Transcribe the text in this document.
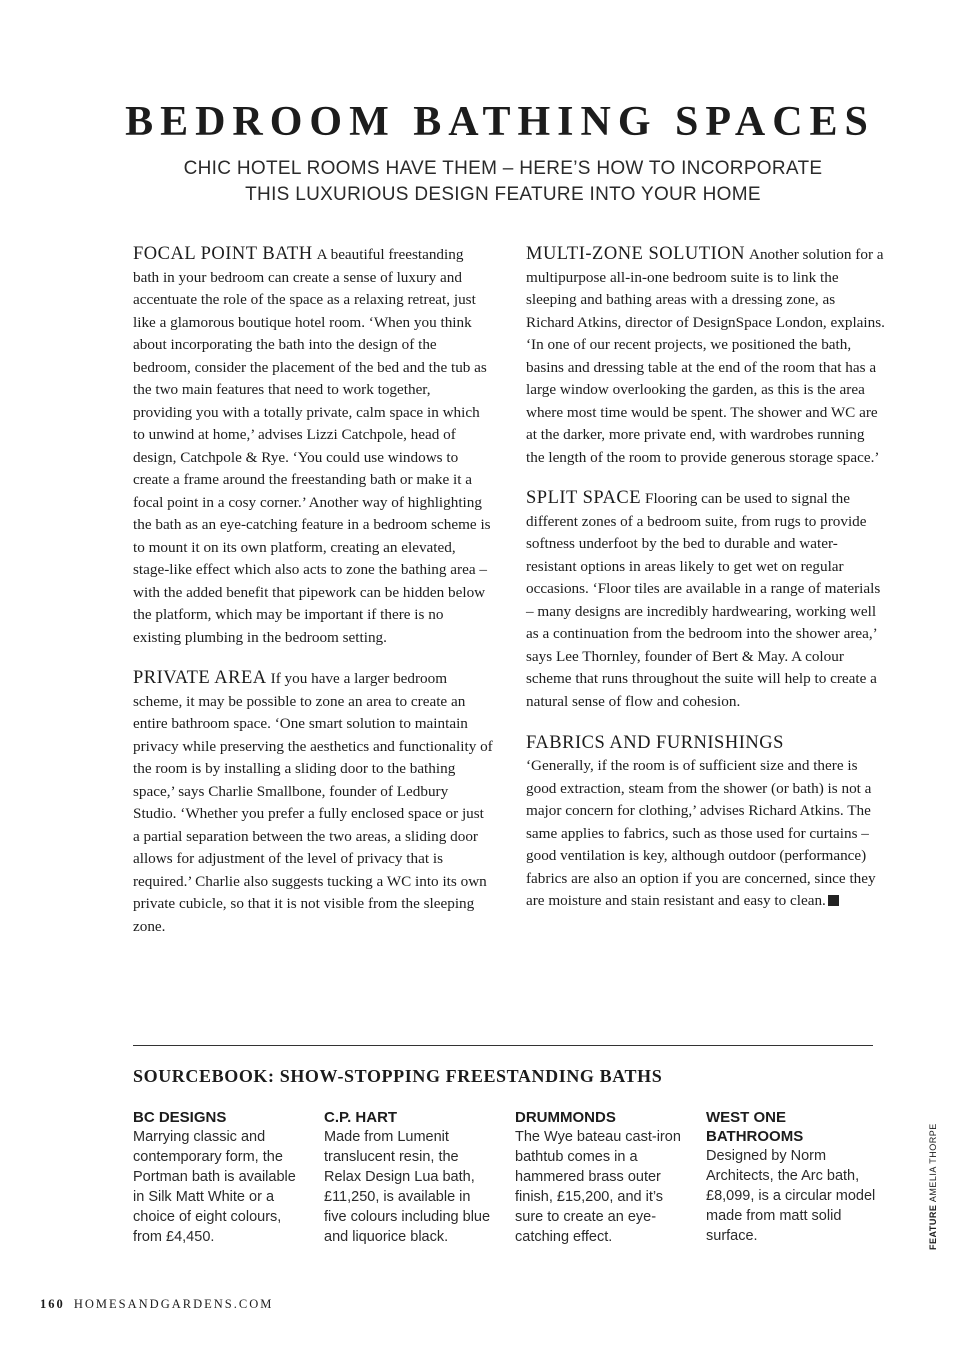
BEDROOM BATHING SPACES
CHIC HOTEL ROOMS HAVE THEM – HERE’S HOW TO INCORPORATE
THIS LUXURIOUS DESIGN FEATURE INTO YOUR HOME

FOCAL POINT BATH A beautiful freestanding bath in your bedroom can create a sense of luxury and accentuate the role of the space as a relaxing retreat, just like a glamorous boutique hotel room. ‘When you think about incorporating the bath into the design of the bedroom, consider the placement of the bed and the tub as the two main features that need to work together, providing you with a totally private, calm space in which to unwind at home,’ advises Lizzi Catchpole, head of design, Catchpole & Rye. ‘You could use windows to create a frame around the freestanding bath or make it a focal point in a cosy corner.’ Another way of highlighting the bath as an eye-catching feature in a bedroom scheme is to mount it on its own platform, creating an elevated, stage-like effect which also acts to zone the bathing area – with the added benefit that pipework can be hidden below the platform, which may be important if there is no existing plumbing in the bedroom setting.

PRIVATE AREA If you have a larger bedroom scheme, it may be possible to zone an area to create an entire bathroom space. ‘One smart solution to maintain privacy while preserving the aesthetics and functionality of the room is by installing a sliding door to the bathing space,’ says Charlie Smallbone, founder of Ledbury Studio. ‘Whether you prefer a fully enclosed space or just a partial separation between the two areas, a sliding door allows for adjustment of the level of privacy that is required.’ Charlie also suggests tucking a WC into its own private cubicle, so that it is not visible from the sleeping zone.

MULTI-ZONE SOLUTION Another solution for a multipurpose all-in-one bedroom suite is to link the sleeping and bathing areas with a dressing zone, as Richard Atkins, director of DesignSpace London, explains. ‘In one of our recent projects, we positioned the bath, basins and dressing table at the end of the room that has a large window overlooking the garden, as this is the area where most time would be spent. The shower and WC are at the darker, more private end, with wardrobes running the length of the room to provide generous storage space.’

SPLIT SPACE Flooring can be used to signal the different zones of a bedroom suite, from rugs to provide softness underfoot by the bed to durable and water-resistant options in areas likely to get wet on regular occasions. ‘Floor tiles are available in a range of materials – many designs are incredibly hardwearing, working well as a continuation from the bedroom into the shower area,’ says Lee Thornley, founder of Bert & May. A colour scheme that runs throughout the suite will help to create a natural sense of flow and cohesion.

FABRICS AND FURNISHINGS

‘Generally, if the room is of sufficient size and there is good extraction, steam from the shower (or bath) is not a major concern for clothing,’ advises Richard Atkins. The same applies to fabrics, such as those used for curtains – good ventilation is key, although outdoor (performance) fabrics are also an option if you are concerned, since they are moisture and stain resistant and easy to clean.

SOURCEBOOK: SHOW-STOPPING FREESTANDING BATHS
BC DESIGNS

Marrying classic and contemporary form, the Portman bath is available in Silk Matt White or a choice of eight colours, from £4,450.

C.P. HART

Made from Lumenit translucent resin, the Relax Design Lua bath, £11,250, is available in five colours including blue and liquorice black.

DRUMMONDS

The Wye bateau cast-iron bathtub comes in a hammered brass outer finish, £15,200, and it’s sure to create an eye-catching effect.

WEST ONE BATHROOMS

Designed by Norm Architects, the Arc bath, £8,099, is a circular model made from matt solid surface.	FEATURE AMELIA THORPE
160 HOMESANDGARDENS.COM
